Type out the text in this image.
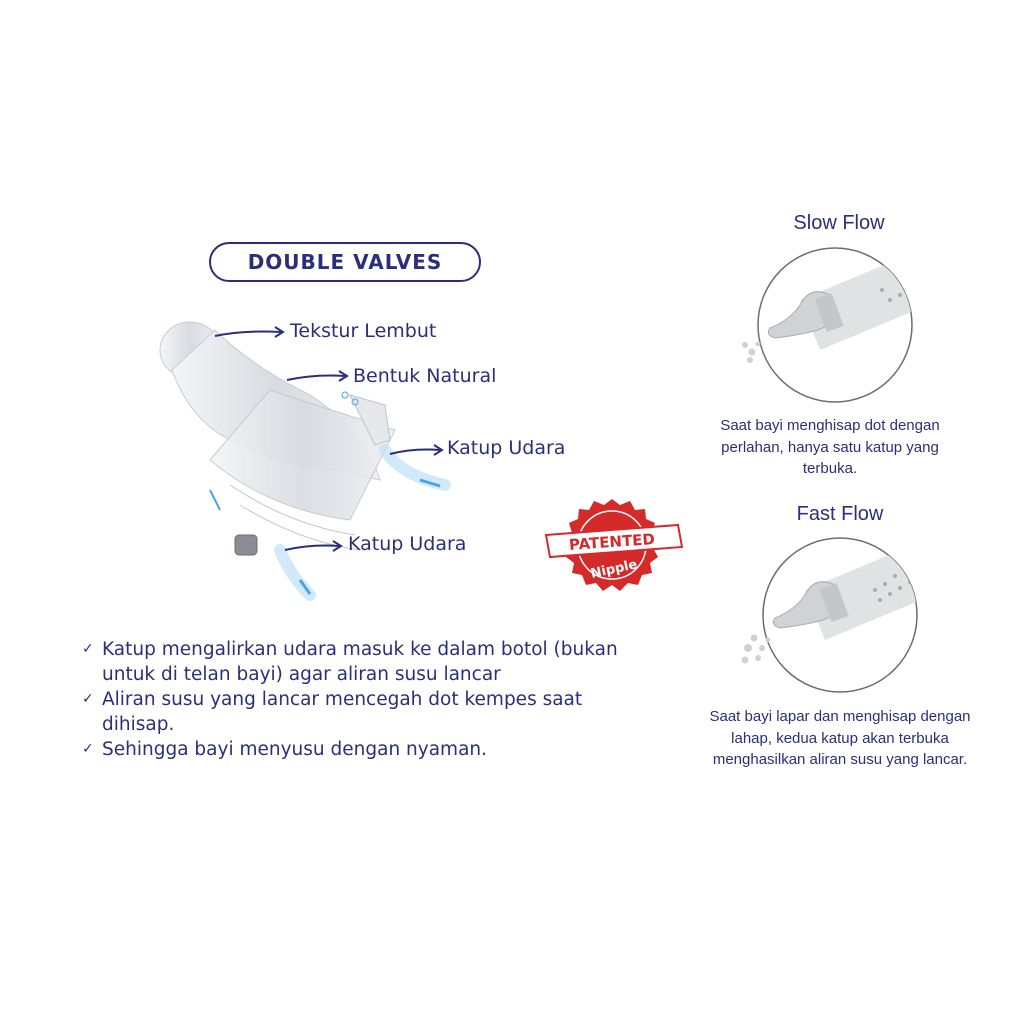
DOUBLE VALVES
Tekstur Lembut
Bentuk Natural
Katup Udara
Katup Udara	PATENTED
Nipple
✓ Katup mengalirkan udara masuk ke dalam botol (bukan untuk di telan bayi) agar aliran susu lancar
✓ Aliran susu yang lancar mencegah dot kempes saat dihisap.
✓ Sehingga bayi menyusu dengan nyaman.
Slow Flow
Saat bayi menghisap dot dengan perlahan, hanya satu katup yang terbuka.
Fast Flow
Saat bayi lapar dan menghisap dengan lahap, kedua katup akan terbuka menghasilkan aliran susu yang lancar.
